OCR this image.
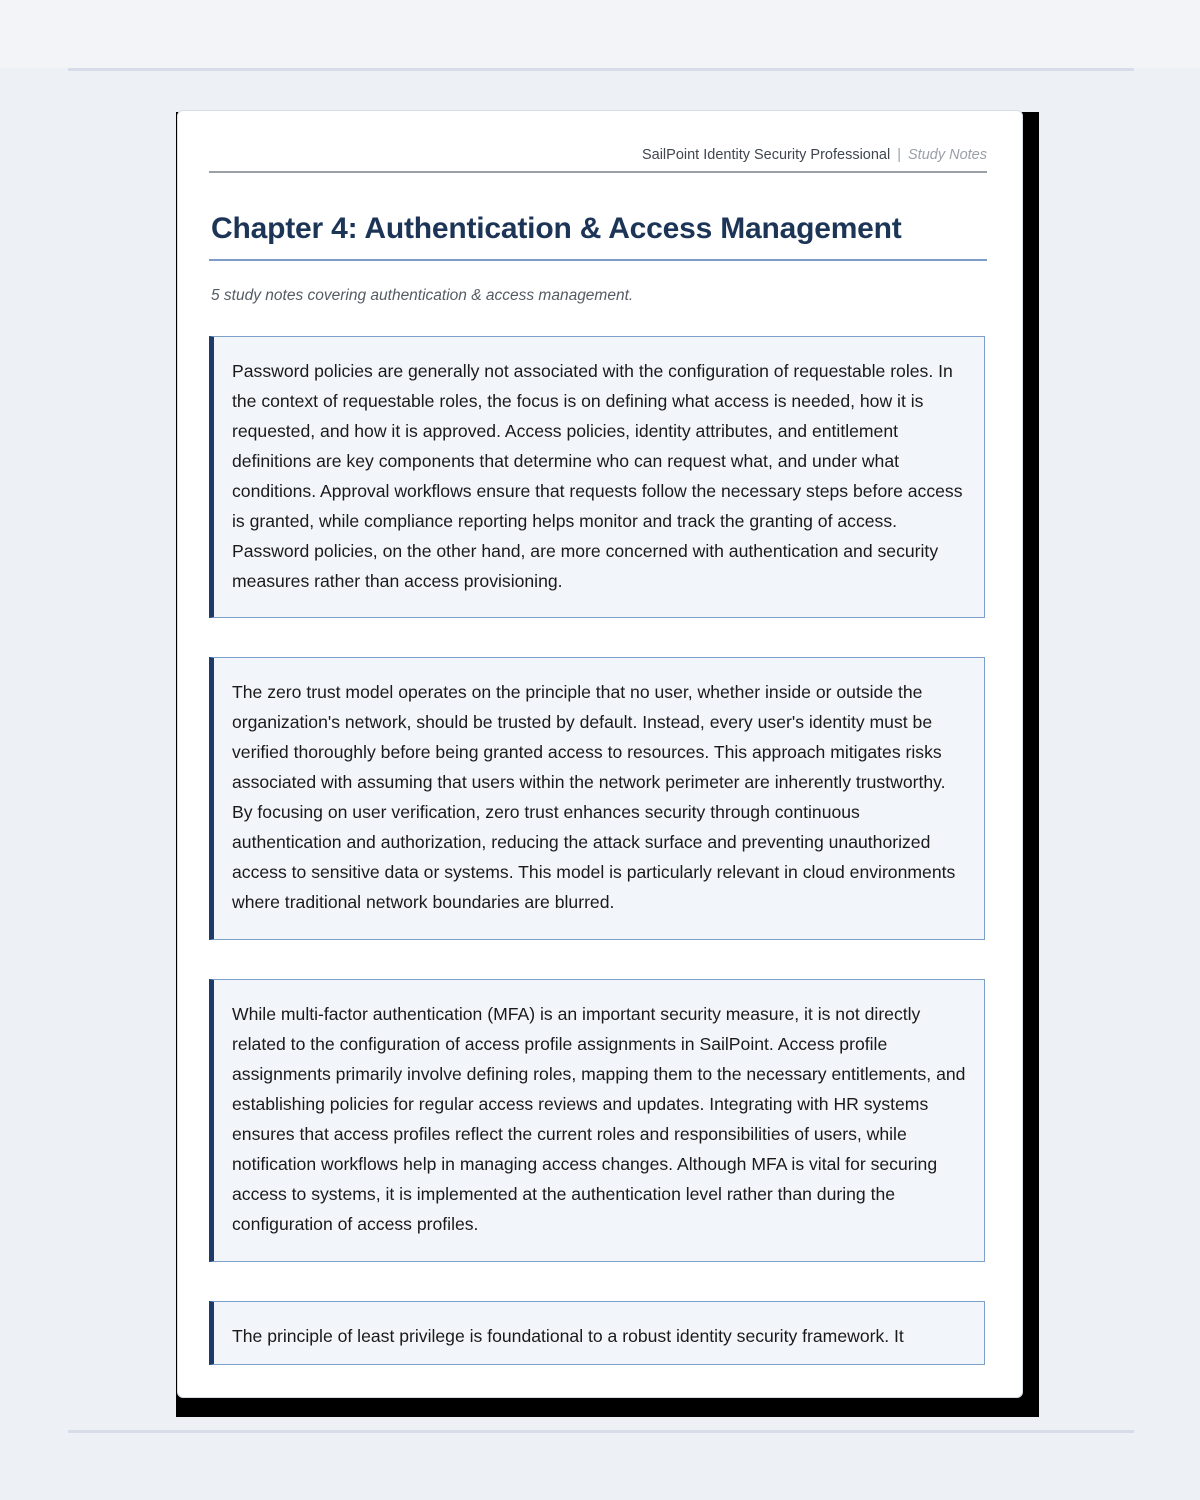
SailPoint Identity Security Professional | Study Notes
Chapter 4: Authentication & Access Management
5 study notes covering authentication & access management.

Password policies are generally not associated with the configuration of requestable roles. In the context of requestable roles, the focus is on defining what access is needed, how it is requested, and how it is approved. Access policies, identity attributes, and entitlement definitions are key components that determine who can request what, and under what conditions. Approval workflows ensure that requests follow the necessary steps before access is granted, while compliance reporting helps monitor and track the granting of access. Password policies, on the other hand, are more concerned with authentication and security measures rather than access provisioning.

The zero trust model operates on the principle that no user, whether inside or outside the organization's network, should be trusted by default. Instead, every user's identity must be verified thoroughly before being granted access to resources. This approach mitigates risks associated with assuming that users within the network perimeter are inherently trustworthy. By focusing on user verification, zero trust enhances security through continuous authentication and authorization, reducing the attack surface and preventing unauthorized access to sensitive data or systems. This model is particularly relevant in cloud environments where traditional network boundaries are blurred.

While multi-factor authentication (MFA) is an important security measure, it is not directly related to the configuration of access profile assignments in SailPoint. Access profile assignments primarily involve defining roles, mapping them to the necessary entitlements, and establishing policies for regular access reviews and updates. Integrating with HR systems ensures that access profiles reflect the current roles and responsibilities of users, while notification workflows help in managing access changes. Although MFA is vital for securing access to systems, it is implemented at the authentication level rather than during the configuration of access profiles.

The principle of least privilege is foundational to a robust identity security framework. It
